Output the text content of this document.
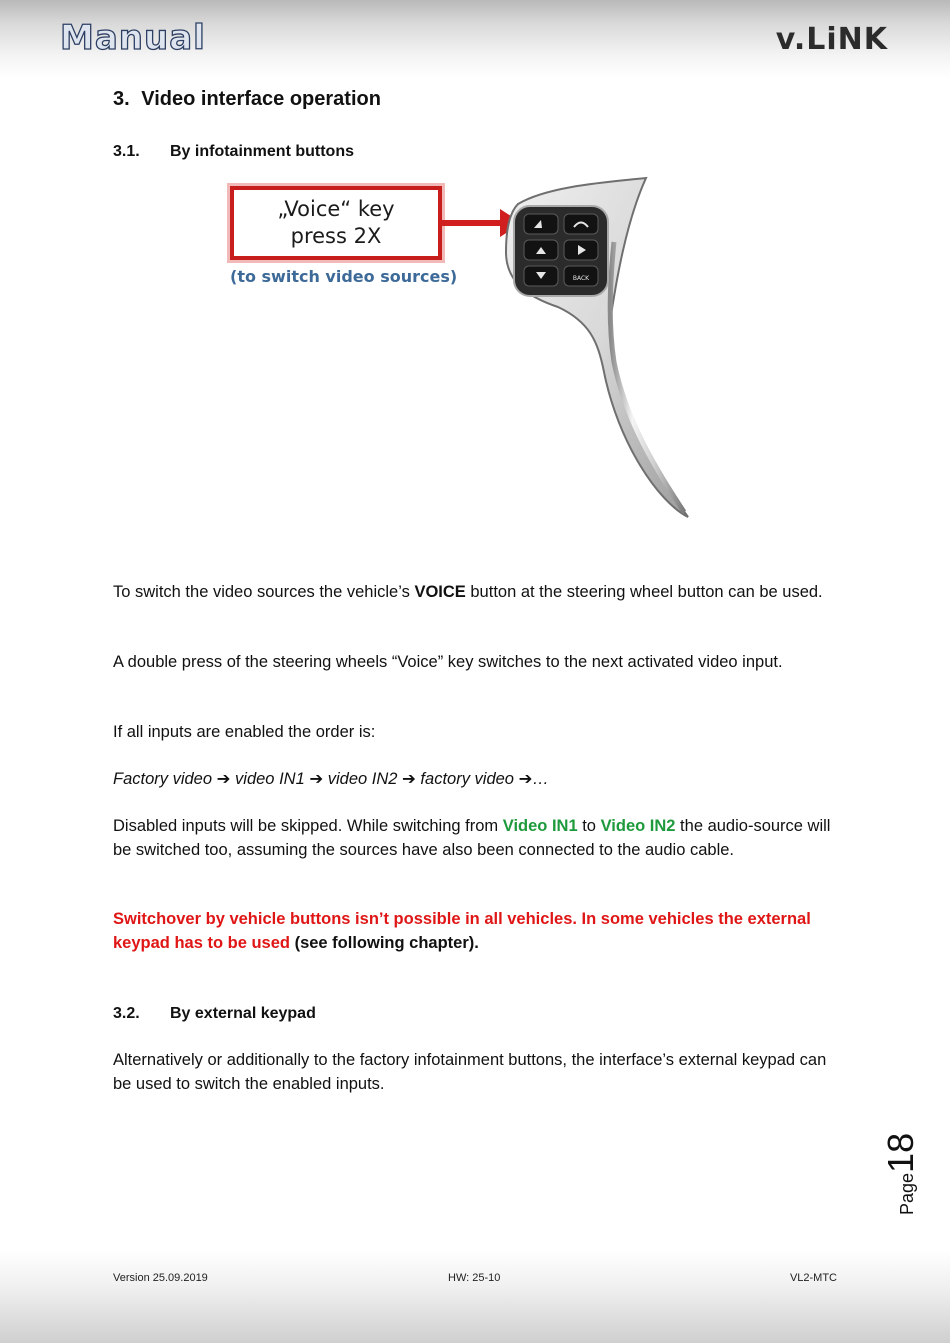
Manual	v.LiNK
3. Video interface operation
3.1. By infotainment buttons
„Voice“ key
press 2X
(to switch video sources)	BACK
To switch the video sources the vehicle’s VOICE button at the steering wheel button can be used.
A double press of the steering wheels “Voice” key switches to the next activated video input.
If all inputs are enabled the order is:
Factory video ➔ video IN1 ➔ video IN2 ➔ factory video ➔…
Disabled inputs will be skipped. While switching from Video IN1 to Video IN2 the audio-source will be switched too, assuming the sources have also been connected to the audio cable.
Switchover by vehicle buttons isn’t possible in all vehicles. In some vehicles the external keypad has to be used (see following chapter).
3.2. By external keypad
Alternatively or additionally to the factory infotainment buttons, the interface’s external keypad can be used to switch the enabled inputs.
Page18
Version 25.09.2019	HW: 25-10	VL2-MTC
